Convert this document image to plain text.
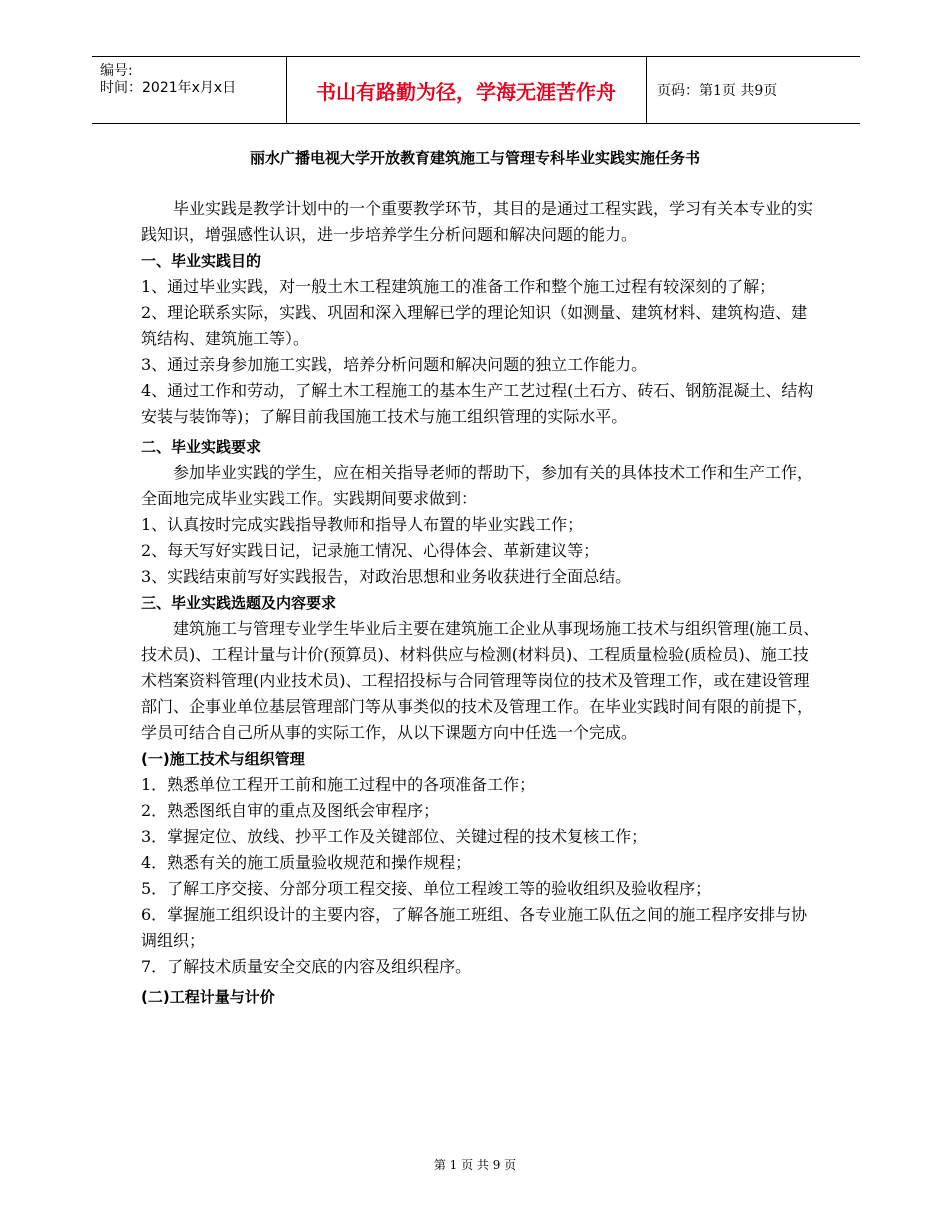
编号:
时间：2021年x月x日	书山有路勤为径，学海无涯苦作舟	页码：第1页 共9页
丽水广播电视大学开放教育建筑施工与管理专科毕业实践实施任务书

毕业实践是教学计划中的一个重要教学环节，其目的是通过工程实践，学习有关本专业的实践知识，增强感性认识，进一步培养学生分析问题和解决问题的能力。

一、毕业实践目的

1、通过毕业实践，对一般土木工程建筑施工的准备工作和整个施工过程有较深刻的了解；

2、理论联系实际，实践、巩固和深入理解已学的理论知识（如测量、建筑材料、建筑构造、建筑结构、建筑施工等）。

3、通过亲身参加施工实践，培养分析问题和解决问题的独立工作能力。

4、通过工作和劳动，了解土木工程施工的基本生产工艺过程(土石方、砖石、钢筋混凝土、结构安装与装饰等)；了解目前我国施工技术与施工组织管理的实际水平。

二、毕业实践要求

参加毕业实践的学生，应在相关指导老师的帮助下，参加有关的具体技术工作和生产工作，全面地完成毕业实践工作。实践期间要求做到：

1、认真按时完成实践指导教师和指导人布置的毕业实践工作；

2、每天写好实践日记，记录施工情况、心得体会、革新建议等；

3、实践结束前写好实践报告，对政治思想和业务收获进行全面总结。

三、毕业实践选题及内容要求

建筑施工与管理专业学生毕业后主要在建筑施工企业从事现场施工技术与组织管理(施工员、技术员)、工程计量与计价(预算员)、材料供应与检测(材料员)、工程质量检验(质检员)、施工技术档案资料管理(内业技术员)、工程招投标与合同管理等岗位的技术及管理工作，或在建设管理部门、企事业单位基层管理部门等从事类似的技术及管理工作。在毕业实践时间有限的前提下，学员可结合自己所从事的实际工作，从以下课题方向中任选一个完成。

(一)施工技术与组织管理

1．熟悉单位工程开工前和施工过程中的各项准备工作；

2．熟悉图纸自审的重点及图纸会审程序；

3．掌握定位、放线、抄平工作及关键部位、关键过程的技术复核工作；

4．熟悉有关的施工质量验收规范和操作规程；

5．了解工序交接、分部分项工程交接、单位工程竣工等的验收组织及验收程序；

6．掌握施工组织设计的主要内容，了解各施工班组、各专业施工队伍之间的施工程序安排与协调组织；

7．了解技术质量安全交底的内容及组织程序。

(二)工程计量与计价

第 1 页 共 9 页
